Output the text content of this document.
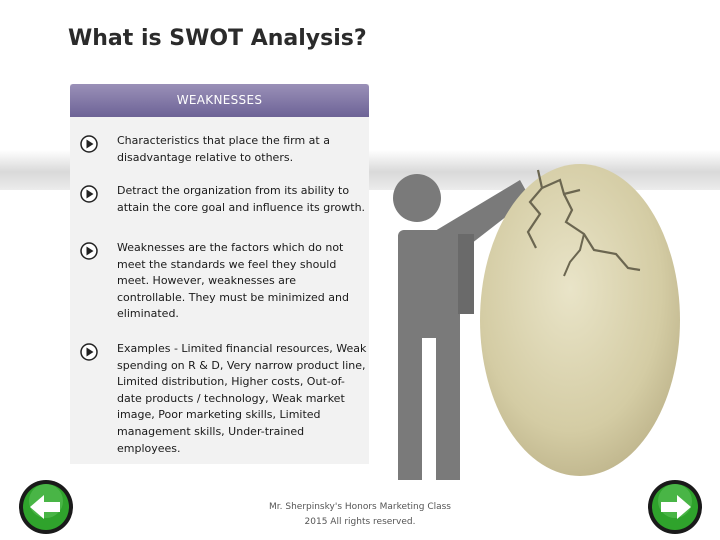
What is SWOT Analysis?
WEAKNESSES
Characteristics that place the firm at a disadvantage relative to others.
Detract the organization from its ability to attain the core goal and influence its growth.
Weaknesses are the factors which do not meet the standards we feel they should meet. However, weaknesses are controllable. They must be minimized and eliminated.
Examples - Limited financial resources, Weak spending on R & D, Very narrow product line, Limited distribution, Higher costs, Out-of-date products / technology, Weak market image, Poor marketing skills, Limited management skills, Under-trained employees.
Mr. Sherpinsky's Honors Marketing Class
2015 All rights reserved.
